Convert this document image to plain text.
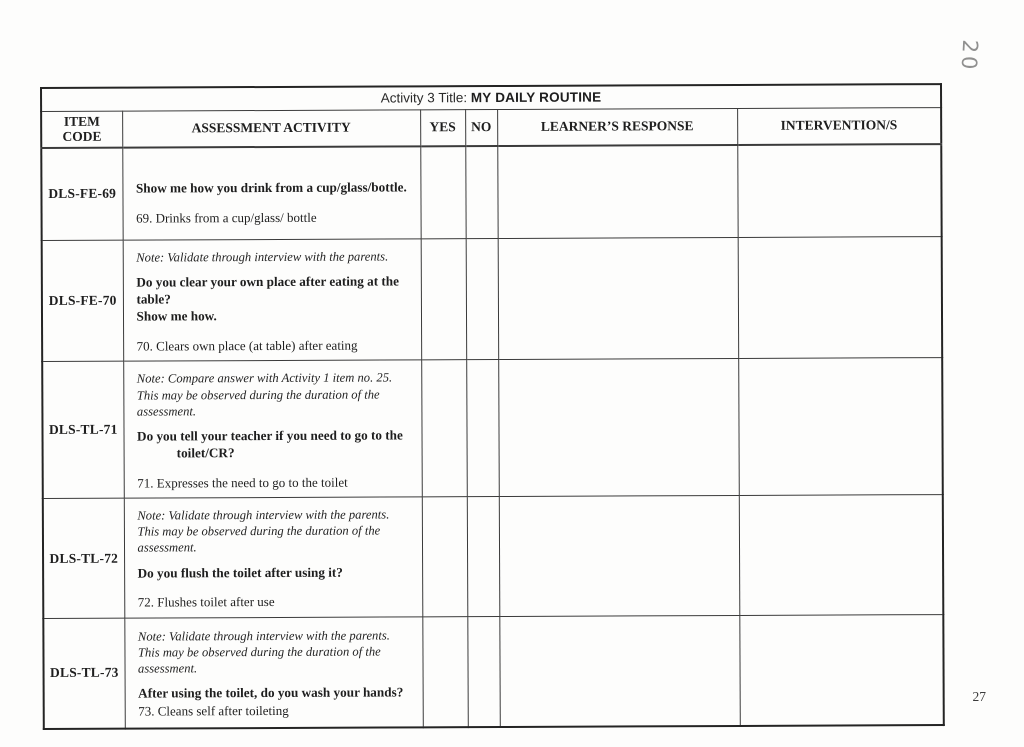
20
Activity 3 Title: MY DAILY ROUTINE					
ITEM CODE	ASSESSMENT ACTIVITY	YES	NO	LEARNER’S RESPONSE	INTERVENTION/S
DLS-FE-69	Show me how you drink from a cup/glass/bottle.
69. Drinks from a cup/glass/ bottle				

DLS-FE-70	Note: Validate through interview with the parents.
Do you clear your own place after eating at the table?
Show me how.
70. Clears own place (at table) after eating				

DLS-TL-71	Note: Compare answer with Activity 1 item no. 25. This may be observed during the duration of the assessment.
Do you tell your teacher if you need to go to the
toilet/CR?
71. Expresses the need to go to the toilet				

DLS-TL-72	Note: Validate through interview with the parents. This may be observed during the duration of the assessment.
Do you flush the toilet after using it?
72. Flushes toilet after use				

DLS-TL-73	Note: Validate through interview with the parents. This may be observed during the duration of the assessment.
After using the toilet, do you wash your hands?
73. Cleans self after toileting				

27
